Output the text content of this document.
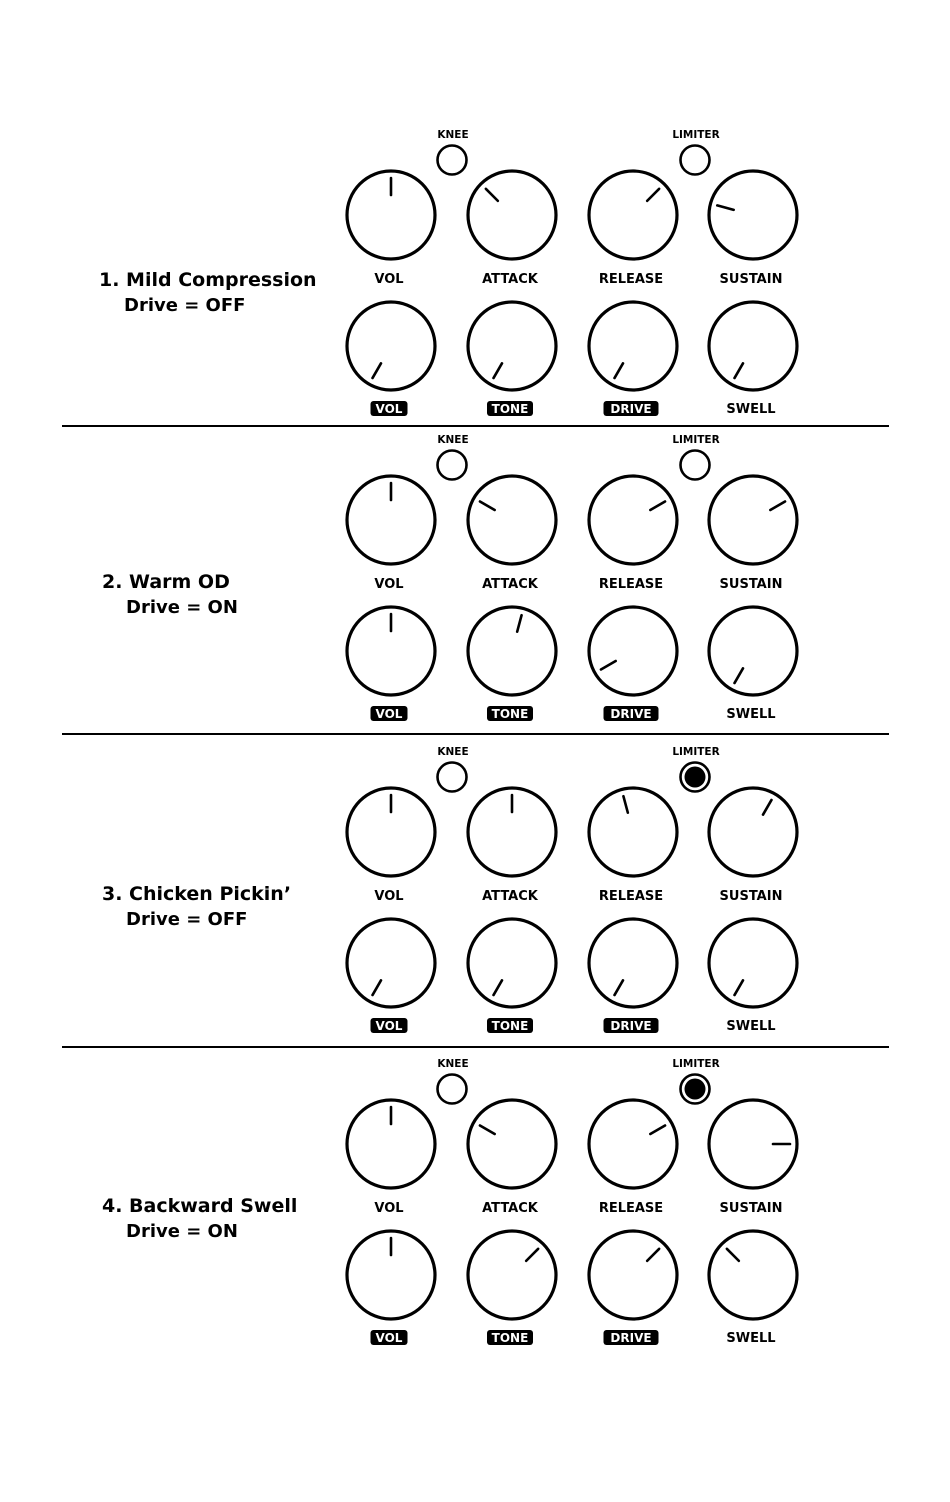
1. Mild Compression
Drive = OFF
KNEE	LIMITER
VOL	ATTACK	RELEASE	SUSTAIN
VOL	TONE	DRIVE	SWELL
2. Warm OD
Drive = ON
KNEE	LIMITER
VOL	ATTACK	RELEASE	SUSTAIN
VOL	TONE	DRIVE	SWELL
3. Chicken Pickin’
Drive = OFF
KNEE	LIMITER
VOL	ATTACK	RELEASE	SUSTAIN
VOL	TONE	DRIVE	SWELL
4. Backward Swell
Drive = ON
KNEE	LIMITER
VOL	ATTACK	RELEASE	SUSTAIN
VOL	TONE	DRIVE	SWELL
